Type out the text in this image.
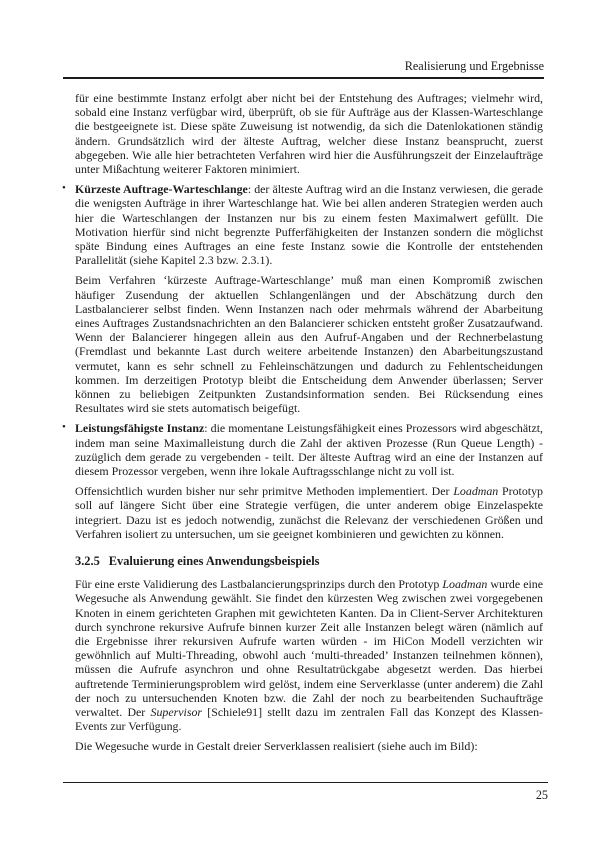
Realisierung und Ergebnisse

für eine bestimmte Instanz erfolgt aber nicht bei der Entstehung des Auftrages; vielmehr wird, sobald eine Instanz verfügbar wird, überprüft, ob sie für Aufträge aus der Klassen-Warteschlange die bestgeeignete ist. Diese späte Zuweisung ist notwendig, da sich die Datenlokationen ständig ändern. Grundsätzlich wird der älteste Auftrag, welcher diese Instanz beansprucht, zuerst abgegeben. Wie alle hier betrachteten Verfahren wird hier die Ausführungszeit der Einzelaufträge unter Mißachtung weiterer Faktoren minimiert.

• Kürzeste Auftrage-Warteschlange: der älteste Auftrag wird an die Instanz verwiesen, die gerade die wenigsten Aufträge in ihrer Warteschlange hat. Wie bei allen anderen Strategien werden auch hier die Warteschlangen der Instanzen nur bis zu einem festen Maximalwert gefüllt. Die Motivation hierfür sind nicht begrenzte Pufferfähigkeiten der Instanzen sondern die möglichst späte Bindung eines Auftrages an eine feste Instanz sowie die Kontrolle der entstehenden Parallelität (siehe Kapitel 2.3 bzw. 2.3.1).

Beim Verfahren ‘kürzeste Auftrage-Warteschlange’ muß man einen Kompromiß zwischen häufiger Zusendung der aktuellen Schlangenlängen und der Abschätzung durch den Lastbalancierer selbst finden. Wenn Instanzen nach oder mehrmals während der Abarbeitung eines Auftrages Zustandsnachrichten an den Balancierer schicken entsteht großer Zusatzaufwand. Wenn der Balancierer hingegen allein aus den Aufruf-Angaben und der Rechnerbelastung (Fremdlast und bekannte Last durch weitere arbeitende Instanzen) den Abarbeitungszustand vermutet, kann es sehr schnell zu Fehleinschätzungen und dadurch zu Fehlentscheidungen kommen. Im derzeitigen Prototyp bleibt die Entscheidung dem Anwender überlassen; Server können zu beliebigen Zeitpunkten Zustandsinformation senden. Bei Rücksendung eines Resultates wird sie stets automatisch beigefügt.

• Leistungsfähigste Instanz: die momentane Leistungsfähigkeit eines Prozessors wird abgeschätzt, indem man seine Maximalleistung durch die Zahl der aktiven Prozesse (Run Queue Length) - zuzüglich dem gerade zu vergebenden - teilt. Der älteste Auftrag wird an eine der Instanzen auf diesem Prozessor vergeben, wenn ihre lokale Auftragsschlange nicht zu voll ist.

Offensichtlich wurden bisher nur sehr primitve Methoden implementiert. Der Loadman Prototyp soll auf längere Sicht über eine Strategie verfügen, die unter anderem obige Einzelaspekte integriert. Dazu ist es jedoch notwendig, zunächst die Relevanz der verschiedenen Größen und Verfahren isoliert zu untersuchen, um sie geeignet kombinieren und gewichten zu können.

3.2.5 Evaluierung eines Anwendungsbeispiels

Für eine erste Validierung des Lastbalancierungsprinzips durch den Prototyp Loadman wurde eine Wegesuche als Anwendung gewählt. Sie findet den kürzesten Weg zwischen zwei vorgegebenen Knoten in einem gerichteten Graphen mit gewichteten Kanten. Da in Client-Server Architekturen durch synchrone rekursive Aufrufe binnen kurzer Zeit alle Instanzen belegt wären (nämlich auf die Ergebnisse ihrer rekursiven Aufrufe warten würden - im HiCon Modell verzichten wir gewöhnlich auf Multi-Threading, obwohl auch ‘multi-threaded’ Instanzen teilnehmen können), müssen die Aufrufe asynchron und ohne Resultatrückgabe abgesetzt werden. Das hierbei auftretende Terminierungsproblem wird gelöst, indem eine Serverklasse (unter anderem) die Zahl der noch zu untersuchenden Knoten bzw. die Zahl der noch zu bearbeitenden Suchaufträge verwaltet. Der Supervisor [Schiele91] stellt dazu im zentralen Fall das Konzept des Klassen-Events zur Verfügung.

Die Wegesuche wurde in Gestalt dreier Serverklassen realisiert (siehe auch im Bild):

25
